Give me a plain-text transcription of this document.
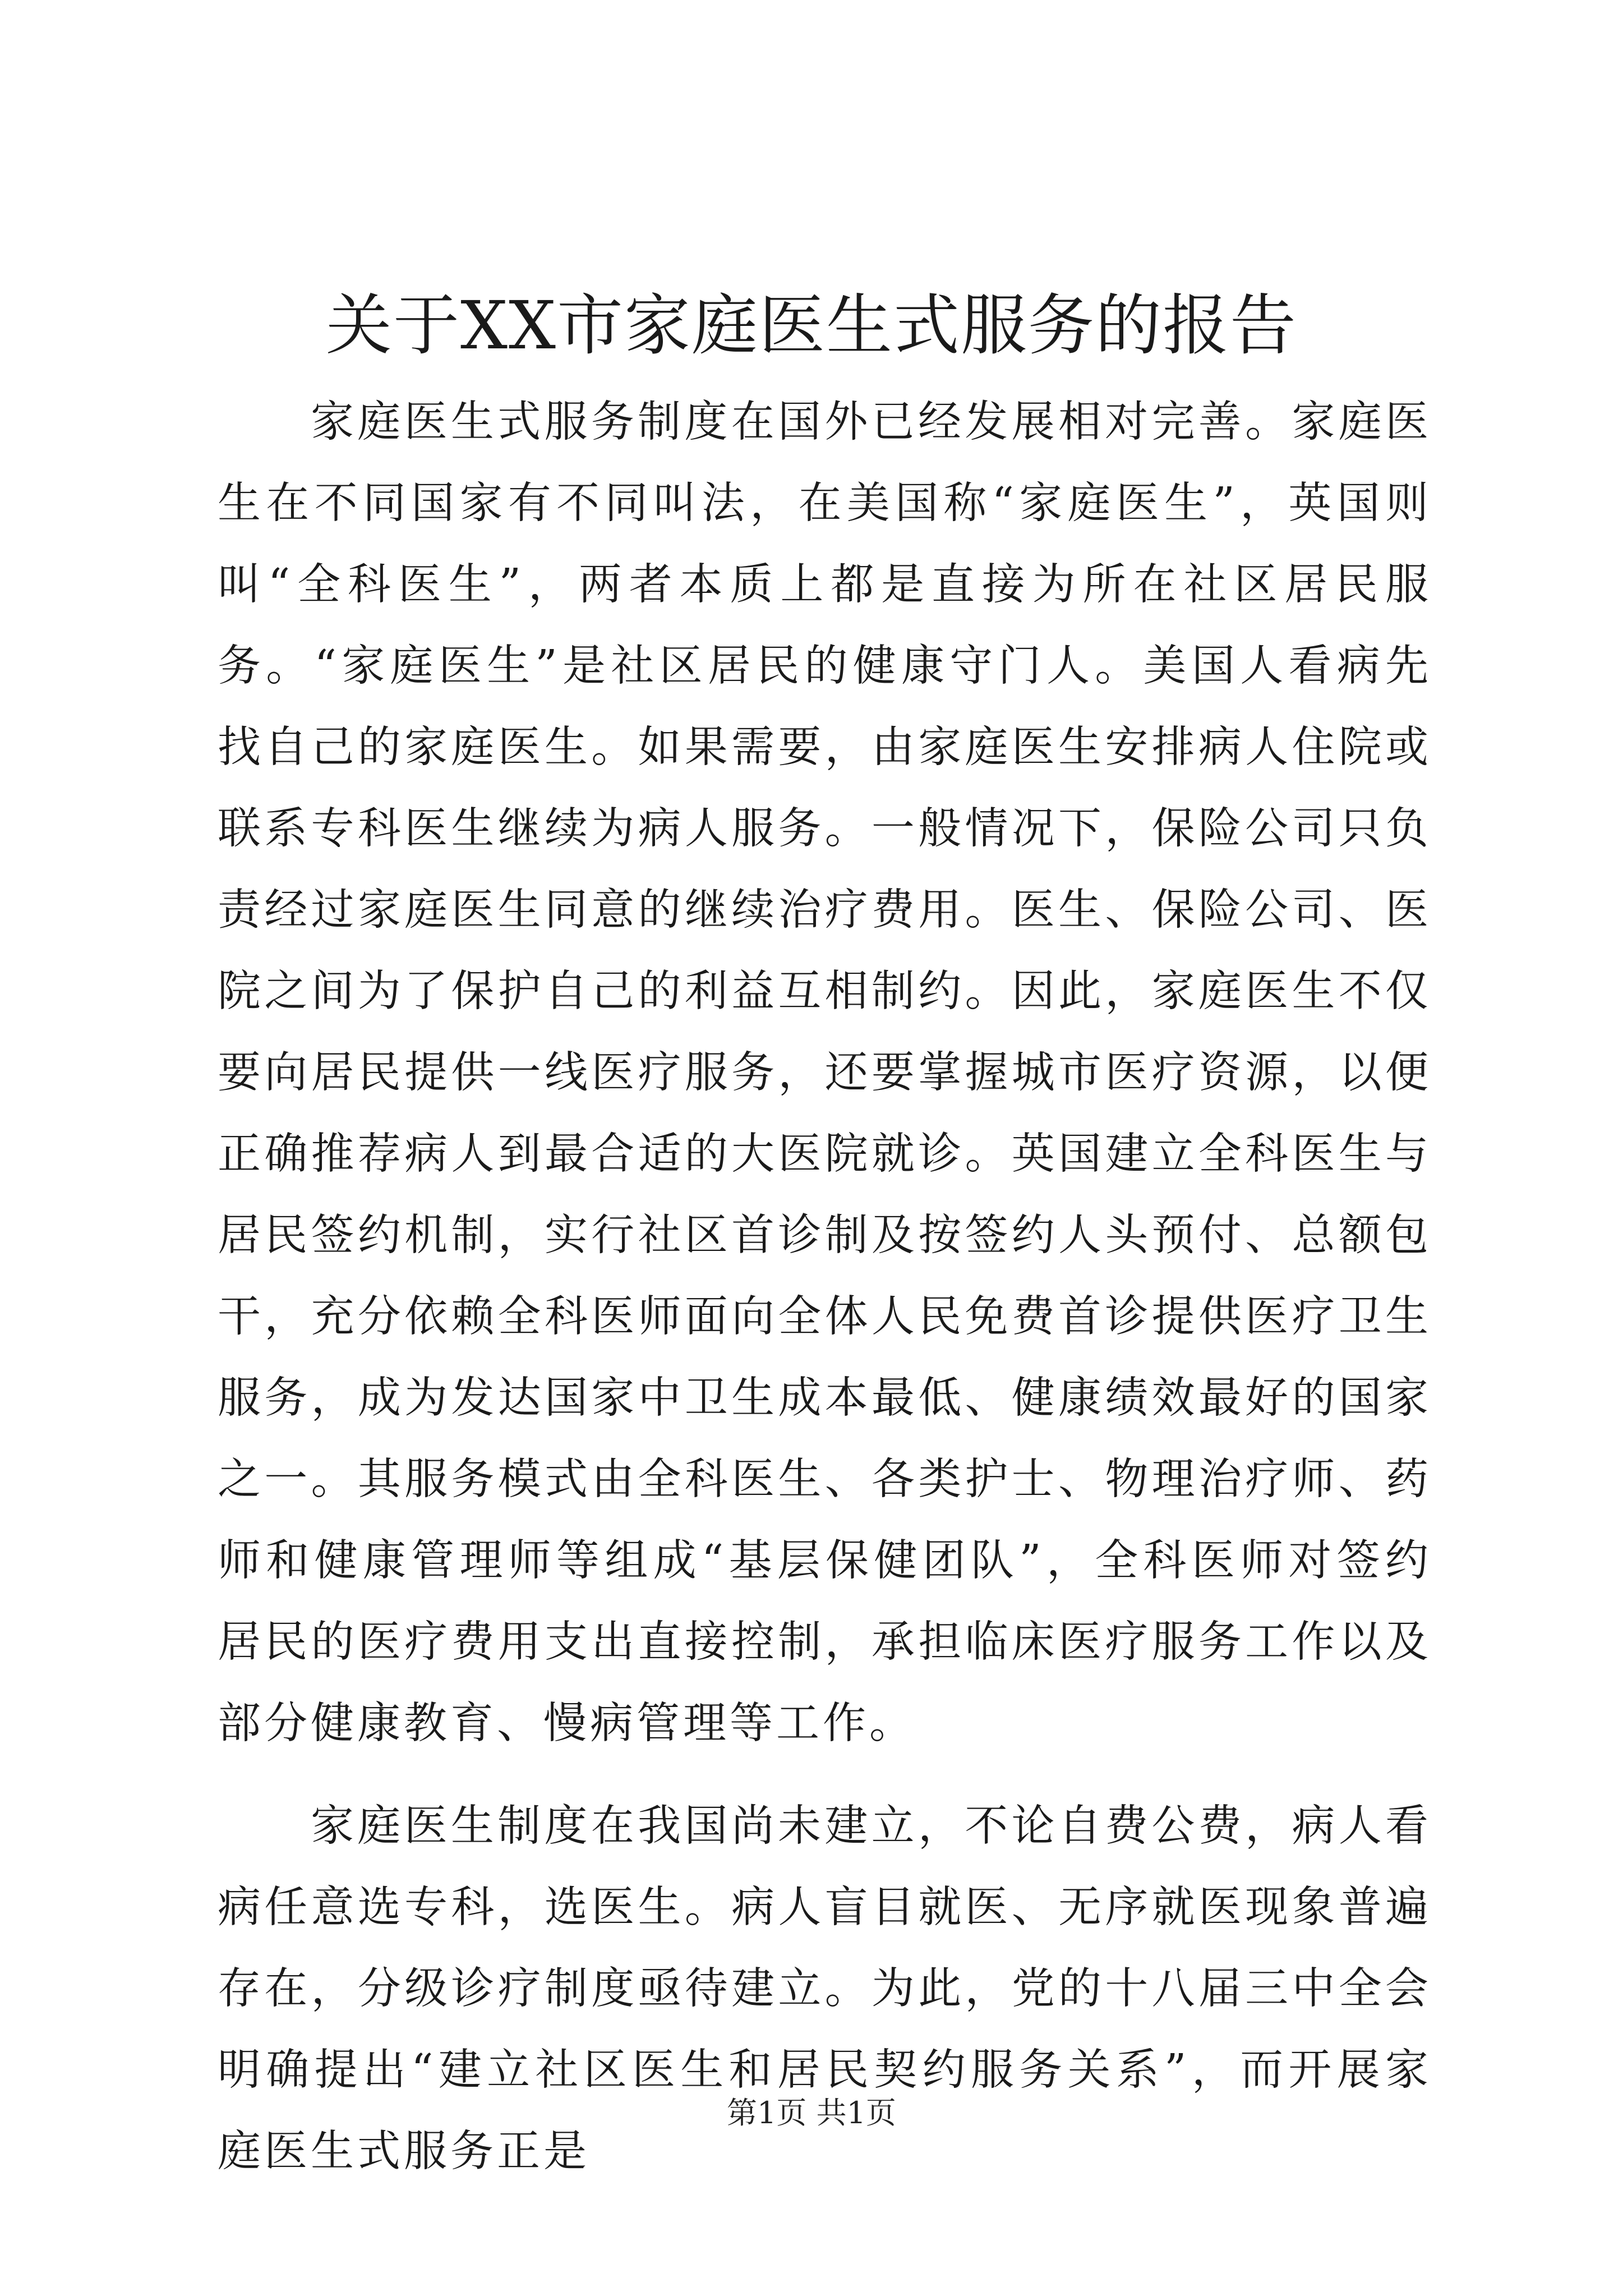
关于XX市家庭医生式服务的报告

家庭医生式服务制度在国外已经发展相对完善。家庭医生在不同国家有不同叫法，在美国称“家庭医生”，英国则叫“全科医生”，两者本质上都是直接为所在社区居民服务。“家庭医生”是社区居民的健康守门人。美国人看病先找自己的家庭医生。如果需要，由家庭医生安排病人住院或联系专科医生继续为病人服务。一般情况下，保险公司只负责经过家庭医生同意的继续治疗费用。医生、保险公司、医院之间为了保护自己的利益互相制约。因此，家庭医生不仅要向居民提供一线医疗服务，还要掌握城市医疗资源，以便正确推荐病人到最合适的大医院就诊。英国建立全科医生与居民签约机制，实行社区首诊制及按签约人头预付、总额包干，充分依赖全科医师面向全体人民免费首诊提供医疗卫生服务，成为发达国家中卫生成本最低、健康绩效最好的国家之一。其服务模式由全科医生、各类护士、物理治疗师、药师和健康管理师等组成“基层保健团队”，全科医师对签约居民的医疗费用支出直接控制，承担临床医疗服务工作以及部分健康教育、慢病管理等工作。

家庭医生制度在我国尚未建立，不论自费公费，病人看病任意选专科，选医生。病人盲目就医、无序就医现象普遍存在，分级诊疗制度亟待建立。为此，党的十八届三中全会明确提出“建立社区医生和居民契约服务关系”，而开展家庭医生式服务正是

第1页 共1页
